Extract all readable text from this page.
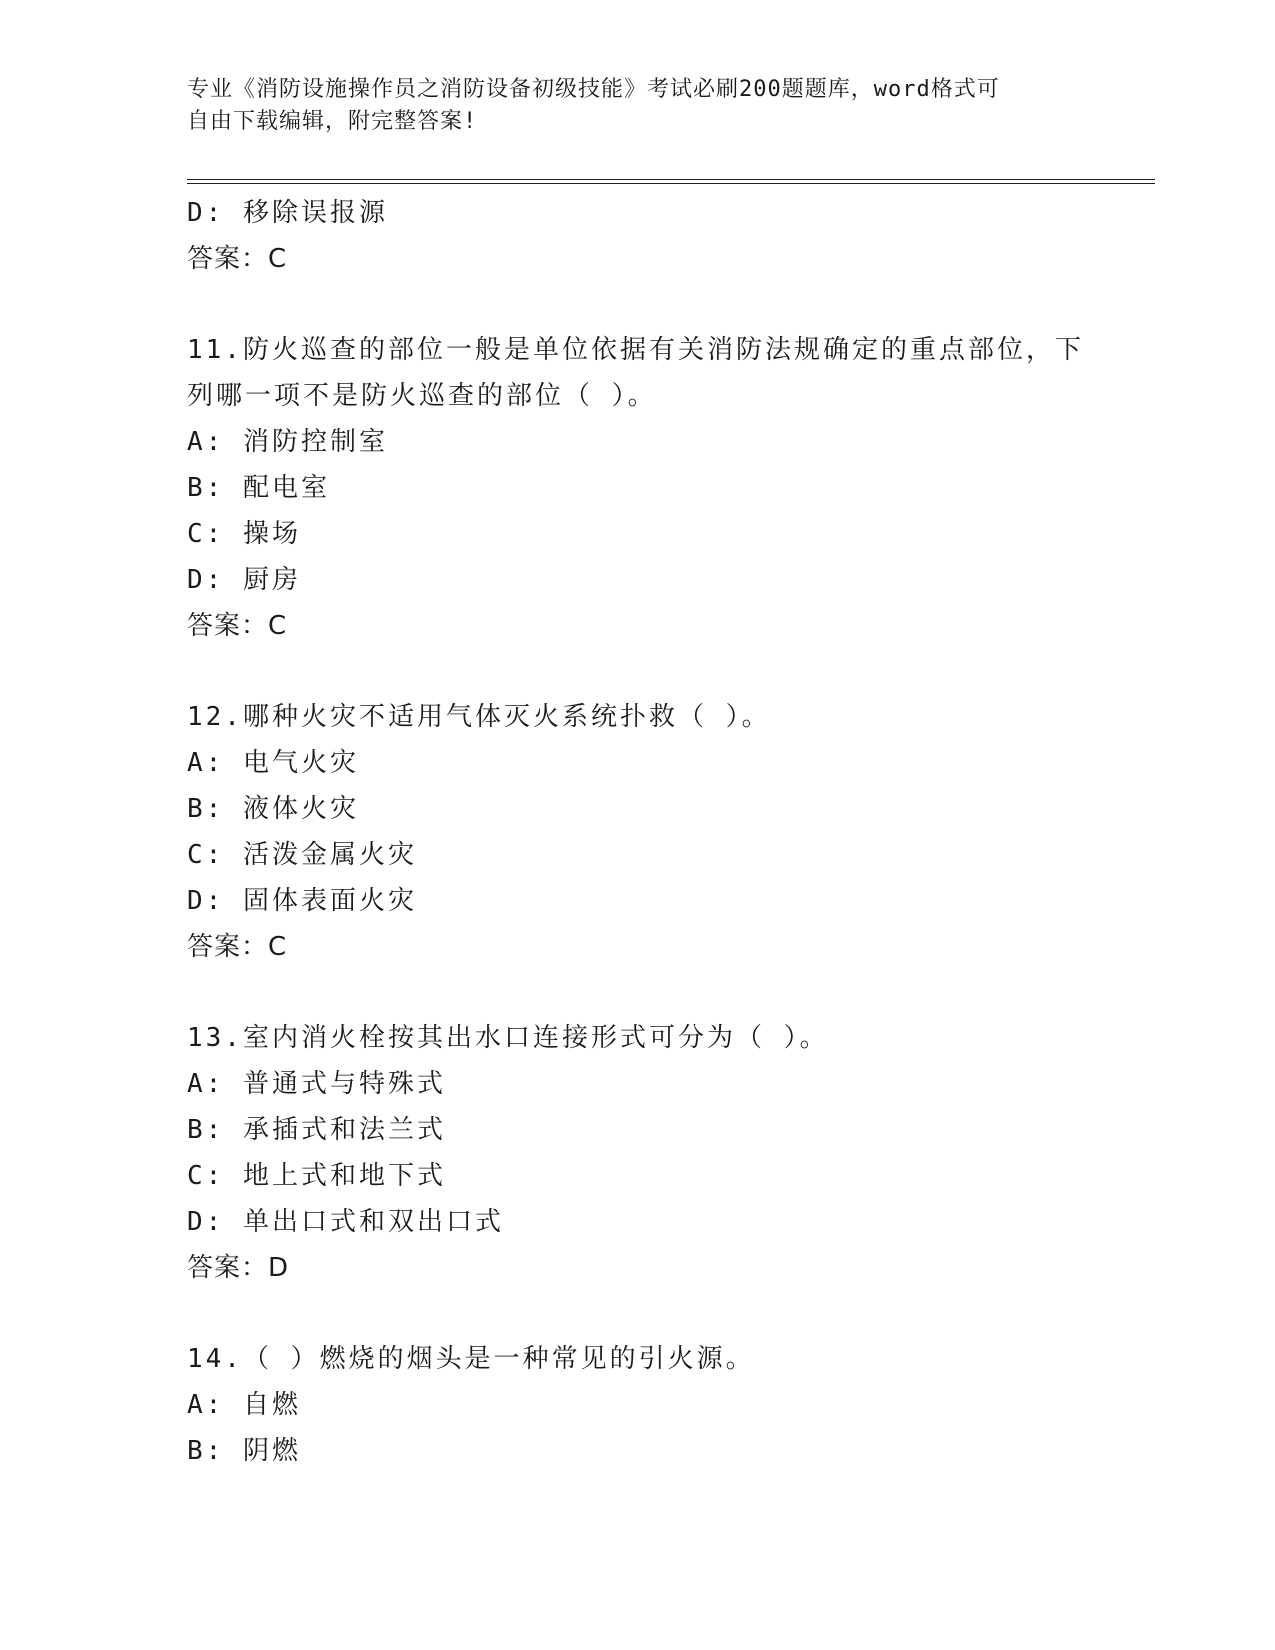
专业《消防设施操作员之消防设备初级技能》考试必刷200题题库，word格式可
自由下载编辑，附完整答案!
D: 移除误报源
答案：C
11.防火巡查的部位一般是单位依据有关消防法规确定的重点部位，下
列哪一项不是防火巡查的部位（ ）。
A: 消防控制室
B: 配电室
C: 操场
D: 厨房
答案：C
12.哪种火灾不适用气体灭火系统扑救（ ）。
A: 电气火灾
B: 液体火灾
C: 活泼金属火灾
D: 固体表面火灾
答案：C
13.室内消火栓按其出水口连接形式可分为（ ）。
A: 普通式与特殊式
B: 承插式和法兰式
C: 地上式和地下式
D: 单出口式和双出口式
答案：D
14.（ ）燃烧的烟头是一种常见的引火源。
A: 自燃
B: 阴燃
